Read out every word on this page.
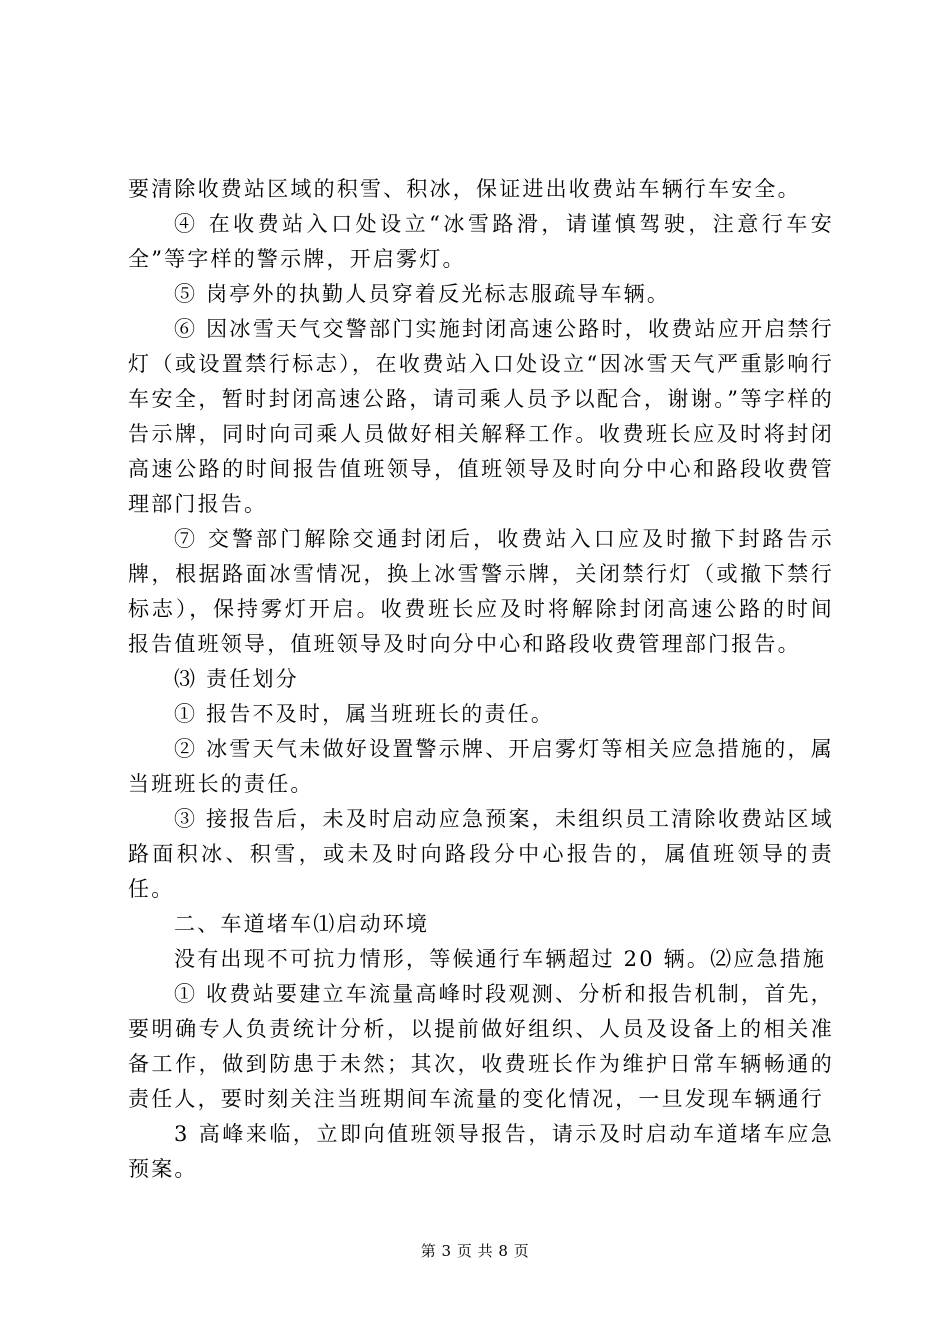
要清除收费站区域的积雪、积冰，保证进出收费站车辆行车安全。

④ 在收费站入口处设立“冰雪路滑，请谨慎驾驶，注意行车安全”等字样的警示牌，开启雾灯。

⑤ 岗亭外的执勤人员穿着反光标志服疏导车辆。

⑥ 因冰雪天气交警部门实施封闭高速公路时，收费站应开启禁行灯（或设置禁行标志），在收费站入口处设立“因冰雪天气严重影响行车安全，暂时封闭高速公路，请司乘人员予以配合，谢谢。”等字样的告示牌，同时向司乘人员做好相关解释工作。收费班长应及时将封闭高速公路的时间报告值班领导，值班领导及时向分中心和路段收费管理部门报告。

⑦ 交警部门解除交通封闭后，收费站入口应及时撤下封路告示牌，根据路面冰雪情况，换上冰雪警示牌，关闭禁行灯（或撤下禁行标志），保持雾灯开启。收费班长应及时将解除封闭高速公路的时间报告值班领导，值班领导及时向分中心和路段收费管理部门报告。

⑶ 责任划分

① 报告不及时，属当班班长的责任。

② 冰雪天气未做好设置警示牌、开启雾灯等相关应急措施的，属当班班长的责任。

③ 接报告后，未及时启动应急预案，未组织员工清除收费站区域路面积冰、积雪，或未及时向路段分中心报告的，属值班领导的责任。

二、车道堵车⑴启动环境

没有出现不可抗力情形，等候通行车辆超过 20 辆。⑵应急措施

① 收费站要建立车流量高峰时段观测、分析和报告机制，首先，要明确专人负责统计分析，以提前做好组织、人员及设备上的相关准备工作，做到防患于未然；其次，收费班长作为维护日常车辆畅通的责任人，要时刻关注当班期间车流量的变化情况，一旦发现车辆通行

3 高峰来临，立即向值班领导报告，请示及时启动车道堵车应急预案。

第 3 页 共 8 页
